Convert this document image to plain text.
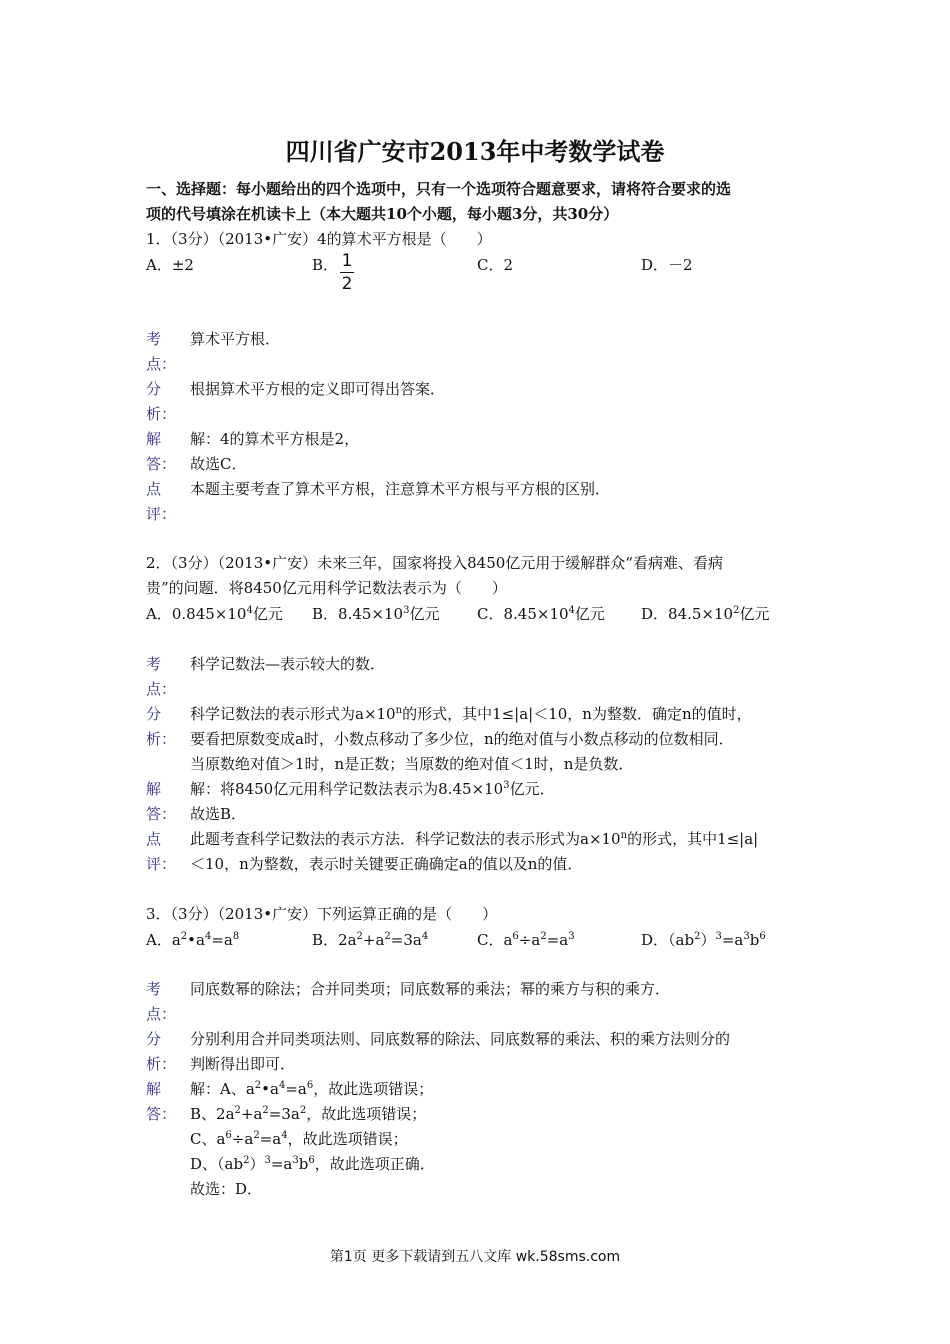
四川省广安市2013年中考数学试卷
一、选择题：每小题给出的四个选项中，只有一个选项符合题意要求，请将符合要求的选
项的代号填涂在机读卡上（本大题共10个小题，每小题3分，共30分）
1．（3分）（2013•广安）4的算术平方根是（　　）
A．±2	B． 1
2
C．2	D．－2
考
点：
算术平方根．
分
析：
根据算术平方根的定义即可得出答案．
解
答：
解：4的算术平方根是2，
故选C．
点
评：
本题主要考查了算术平方根，注意算术平方根与平方根的区别．
2．（3分）（2013•广安）未来三年，国家将投入8450亿元用于缓解群众“看病难、看病
贵”的问题．将8450亿元用科学记数法表示为（　　）
A．$0.845\times 10^4$亿元 B．$8.45\times 10^3$亿元	C．$8.45\times 10^4$亿元 D．$84.5\times 10^2$亿元
考
点：
科学记数法—表示较大的数．
分
析：
科学记数法的表示形式为$a\times 10^n$的形式，其中1≤|a|＜10，n为整数．确定n的值时，
要看把原数变成a时，小数点移动了多少位，n的绝对值与小数点移动的位数相同．
当原数绝对值＞1时，n是正数；当原数的绝对值＜1时，n是负数．
解
答：
解：将8450亿元用科学记数法表示为$8.45\times 10^3$亿元．
故选B．
点
评：
此题考查科学记数法的表示方法．科学记数法的表示形式为$a\times 10^n$的形式，其中1≤|a|
＜10，n为整数，表示时关键要正确确定a的值以及n的值．
3．（3分）（2013•广安）下列运算正确的是（　　）
A．$a^2•a^4=a^8$	B．$2a^2+a^2=3a^4$	C．$a^6\div a^2=a^3$	D．$(ab^2)^3=a^3b^6$
考
点：
同底数幂的除法；合并同类项；同底数幂的乘法；幂的乘方与积的乘方．
分
析：
分别利用合并同类项法则、同底数幂的除法、同底数幂的乘法、积的乘方法则分的
判断得出即可．
解
答：
解：A、$a^2•a^4=a^6$，故此选项错误；
B、$2a^2+a^2=3a^2$，故此选项错误；
C、$a^6\div a^2=a^4$，故此选项错误；
D、$(ab^2)^3=a^3b^6$，故此选项正确．
故选：D．
第1页 更多下载请到五八文库 wk.58sms.com
